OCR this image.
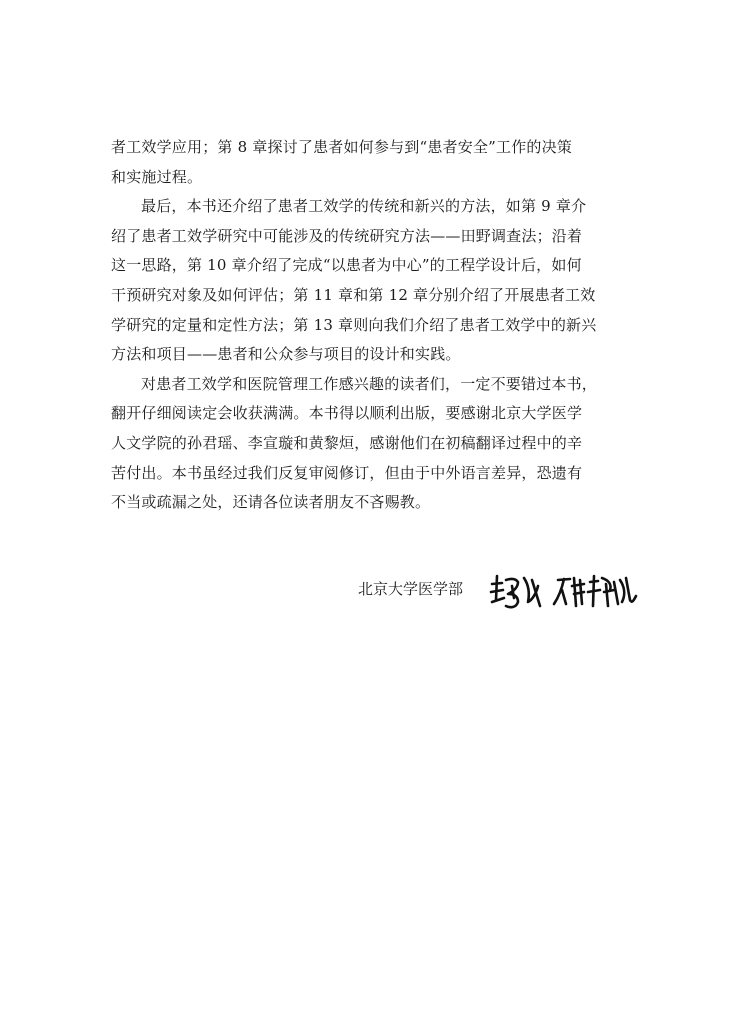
者工效学应用；第 8 章探讨了患者如何参与到“患者安全”工作的决策
和实施过程。
最后，本书还介绍了患者工效学的传统和新兴的方法，如第 9 章介
绍了患者工效学研究中可能涉及的传统研究方法——田野调查法；沿着
这一思路，第 10 章介绍了完成“以患者为中心”的工程学设计后，如何
干预研究对象及如何评估；第 11 章和第 12 章分别介绍了开展患者工效
学研究的定量和定性方法；第 13 章则向我们介绍了患者工效学中的新兴
方法和项目——患者和公众参与项目的设计和实践。
对患者工效学和医院管理工作感兴趣的读者们，一定不要错过本书，
翻开仔细阅读定会收获满满。本书得以顺利出版，要感谢北京大学医学
人文学院的孙君瑶、李宣璇和黄黎烜，感谢他们在初稿翻译过程中的辛
苦付出。本书虽经过我们反复审阅修订，但由于中外语言差异，恐遗有
不当或疏漏之处，还请各位读者朋友不吝赐教。
北京大学医学部
